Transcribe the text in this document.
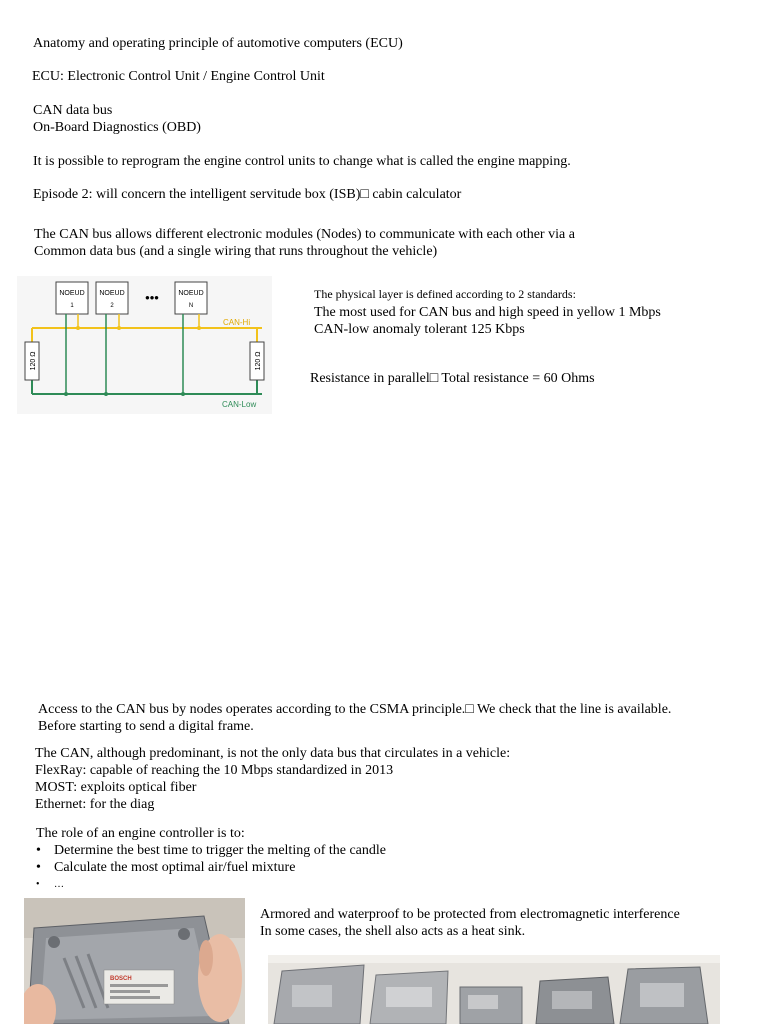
Anatomy and operating principle of automotive computers (ECU)
ECU: Electronic Control Unit / Engine Control Unit
CAN data bus
On-Board Diagnostics (OBD)
It is possible to reprogram the engine control units to change what is called the engine mapping.
Episode 2: will concern the intelligent servitude box (ISB)□ cabin calculator
The CAN bus allows different electronic modules (Nodes) to communicate with each other via a
Common data bus (and a single wiring that runs throughout the vehicle)
NOEUD
1
NOEUD
2
•••	NOEUD
N
120 Ω	120 Ω
CAN-Hi
CAN-Low
The physical layer is defined according to 2 standards:
The most used for CAN bus and high speed in yellow 1 Mbps
CAN-low anomaly tolerant 125 Kbps
Resistance in parallel□ Total resistance = 60 Ohms
Access to the CAN bus by nodes operates according to the CSMA principle.□ We check that the line is available.
Before starting to send a digital frame.
The CAN, although predominant, is not the only data bus that circulates in a vehicle:
FlexRay: capable of reaching the 10 Mbps standardized in 2013
MOST: exploits optical fiber
Ethernet: for the diag
The role of an engine controller is to:
• Determine the best time to trigger the melting of the candle
• Calculate the most optimal air/fuel mixture
• …
BOSCH
Armored and waterproof to be protected from electromagnetic interference
In some cases, the shell also acts as a heat sink.
